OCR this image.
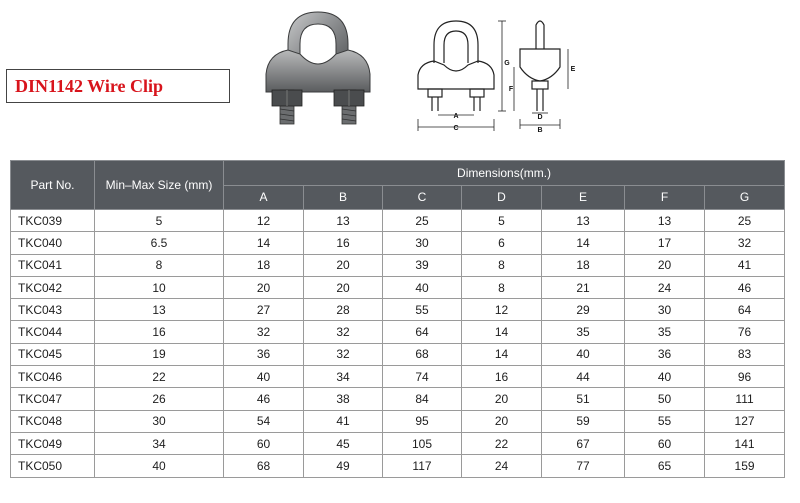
DIN1142 Wire Clip
A
C
G
F
E
D
B
Part No.	Min–Max Size (mm)	Dimensions(mm.)						
		A	B	C	D	E	F	G
TKC039	5	12	13	25	5	13	13	25
TKC040	6.5	14	16	30	6	14	17	32
TKC041	8	18	20	39	8	18	20	41
TKC042	10	20	20	40	8	21	24	46
TKC043	13	27	28	55	12	29	30	64
TKC044	16	32	32	64	14	35	35	76
TKC045	19	36	32	68	14	40	36	83
TKC046	22	40	34	74	16	44	40	96
TKC047	26	46	38	84	20	51	50	111
TKC048	30	54	41	95	20	59	55	127
TKC049	34	60	45	105	22	67	60	141
TKC050	40	68	49	117	24	77	65	159
